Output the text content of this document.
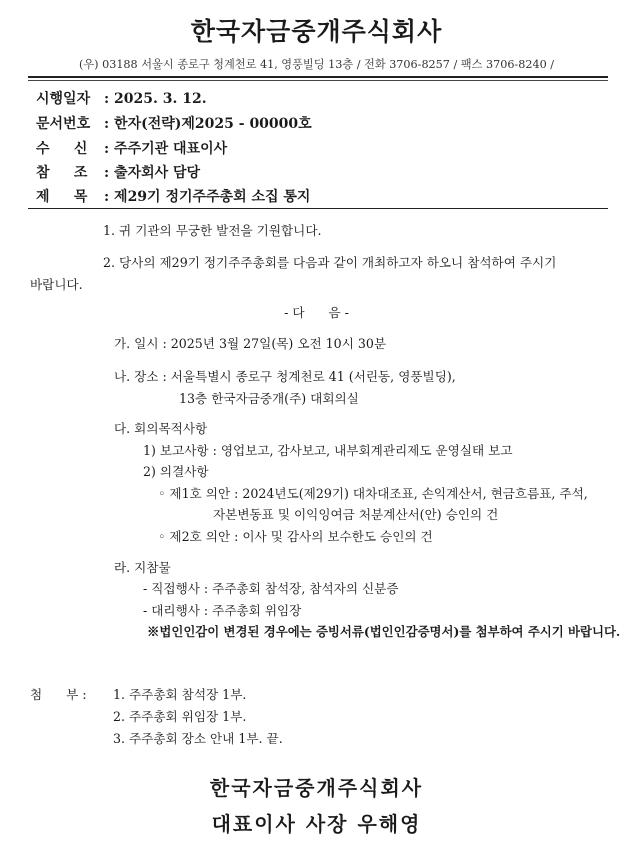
한국자금중개주식회사
(우) 03188 서울시 종로구 청계천로 41, 영풍빌딩 13층 / 전화 3706-8257 / 팩스 3706-8240 /
시행일자 : 2025. 3. 12.
문서번호 : 한자(전략)제2025 - 00000호
수     신 : 주주기관 대표이사
참     조 : 출자회사 담당
제     목 : 제29기 정기주주총회 소집 통지
1. 귀 기관의 무궁한 발전을 기원합니다.
2. 당사의 제29기 정기주주총회를 다음과 같이 개최하고자 하오니 참석하여 주시기
바랍니다.
- 다      음 -
가. 일시 : 2025년 3월 27일(목) 오전 10시 30분
나. 장소 : 서울특별시 종로구 청계천로 41 (서린동, 영풍빌딩),
13층 한국자금중개(주) 대회의실
다. 회의목적사항
1) 보고사항 : 영업보고, 감사보고, 내부회계관리제도 운영실태 보고
2) 의결사항
◦ 제1호 의안 : 2024년도(제29기) 대차대조표, 손익계산서, 현금흐름표, 주석,
자본변동표 및 이익잉여금 처분계산서(안) 승인의 건
◦ 제2호 의안 : 이사 및 감사의 보수한도 승인의 건
라. 지참물
- 직접행사 : 주주총회 참석장, 참석자의 신분증
- 대리행사 : 주주총회 위임장
※법인인감이 변경된 경우에는 증빙서류(법인인감증명서)를 첨부하여 주시기 바랍니다.
첨      부 : 1. 주주총회 참석장 1부.
2. 주주총회 위임장 1부.
3. 주주총회 장소 안내 1부. 끝.
한국자금중개주식회사
대표이사 사장 우해영
